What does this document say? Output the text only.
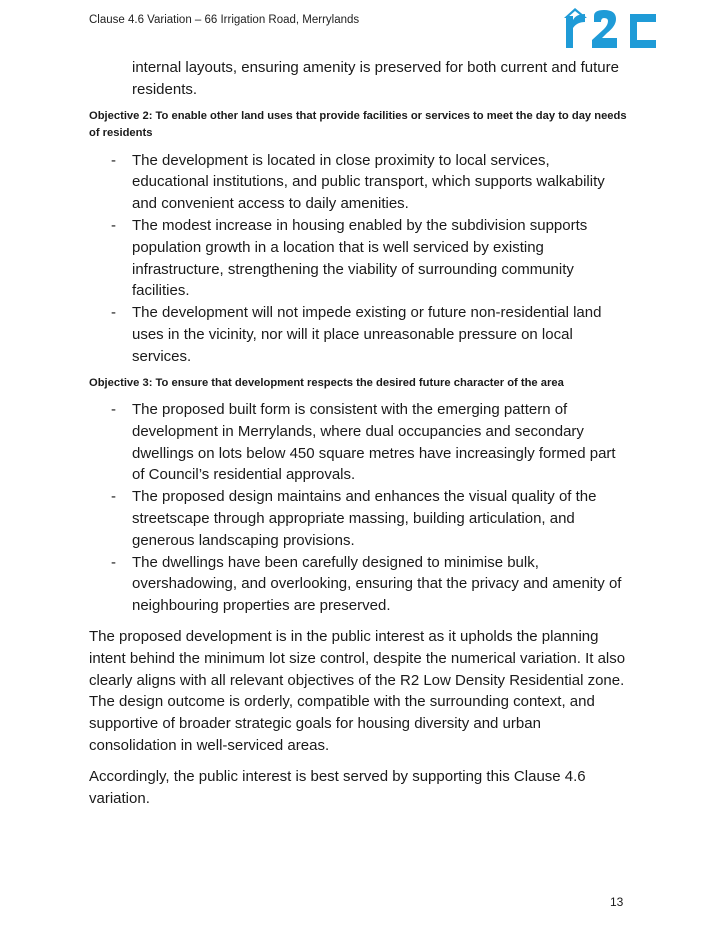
Clause 4.6 Variation – 66 Irrigation Road, Merrylands
internal layouts, ensuring amenity is preserved for both current and future residents.
Objective 2: To enable other land uses that provide facilities or services to meet the day to day needs of residents
- The development is located in close proximity to local services, educational institutions, and public transport, which supports walkability and convenient access to daily amenities.
- The modest increase in housing enabled by the subdivision supports population growth in a location that is well serviced by existing infrastructure, strengthening the viability of surrounding community facilities.
- The development will not impede existing or future non-residential land uses in the vicinity, nor will it place unreasonable pressure on local services.
Objective 3: To ensure that development respects the desired future character of the area
- The proposed built form is consistent with the emerging pattern of development in Merrylands, where dual occupancies and secondary dwellings on lots below 450 square metres have increasingly formed part of Council’s residential approvals.
- The proposed design maintains and enhances the visual quality of the streetscape through appropriate massing, building articulation, and generous landscaping provisions.
- The dwellings have been carefully designed to minimise bulk, overshadowing, and overlooking, ensuring that the privacy and amenity of neighbouring properties are preserved.

The proposed development is in the public interest as it upholds the planning intent behind the minimum lot size control, despite the numerical variation. It also clearly aligns with all relevant objectives of the R2 Low Density Residential zone. The design outcome is orderly, compatible with the surrounding context, and supportive of broader strategic goals for housing diversity and urban consolidation in well-serviced areas.

Accordingly, the public interest is best served by supporting this Clause 4.6 variation.

13
